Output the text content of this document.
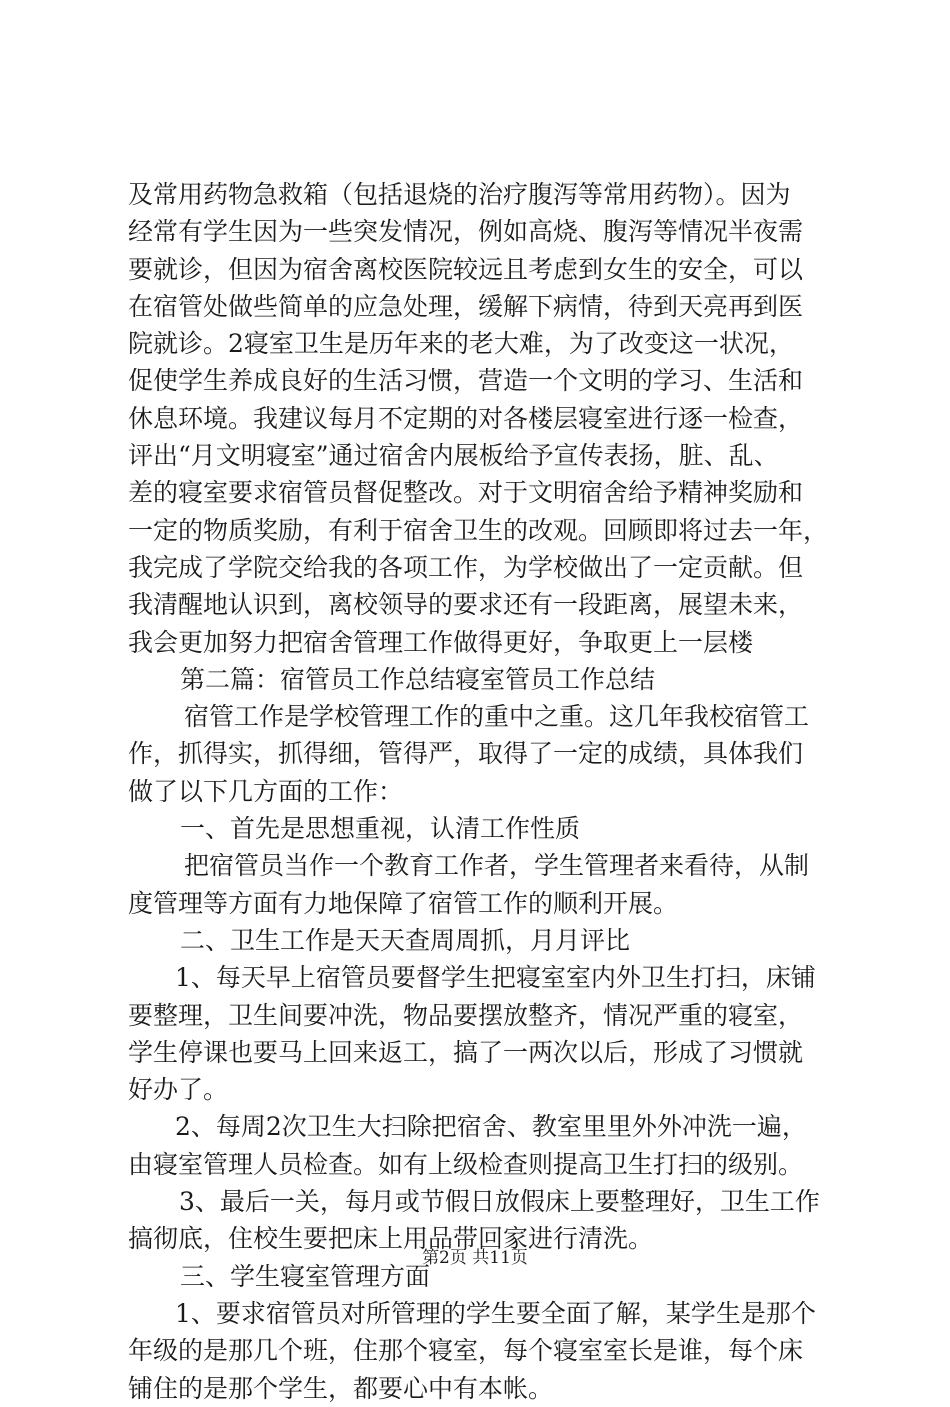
及常用药物急救箱（包括退烧的治疗腹泻等常用药物）。因为
经常有学生因为一些突发情况，例如高烧、腹泻等情况半夜需
要就诊，但因为宿舍离校医院较远且考虑到女生的安全，可以
在宿管处做些简单的应急处理，缓解下病情，待到天亮再到医
院就诊。2寝室卫生是历年来的老大难，为了改变这一状况，
促使学生养成良好的生活习惯，营造一个文明的学习、生活和
休息环境。我建议每月不定期的对各楼层寝室进行逐一检查，
评出“月文明寝室”通过宿舍内展板给予宣传表扬，脏、乱、
差的寝室要求宿管员督促整改。对于文明宿舍给予精神奖励和
一定的物质奖励，有利于宿舍卫生的改观。回顾即将过去一年，
我完成了学院交给我的各项工作，为学校做出了一定贡献。但
我清醒地认识到，离校领导的要求还有一段距离，展望未来，
我会更加努力把宿舍管理工作做得更好，争取更上一层楼
第二篇：宿管员工作总结寝室管员工作总结
宿管工作是学校管理工作的重中之重。这几年我校宿管工
作，抓得实，抓得细，管得严，取得了一定的成绩，具体我们
做了以下几方面的工作：
一、首先是思想重视，认清工作性质
把宿管员当作一个教育工作者，学生管理者来看待，从制
度管理等方面有力地保障了宿管工作的顺利开展。
二、卫生工作是天天查周周抓，月月评比
1、每天早上宿管员要督学生把寝室室内外卫生打扫，床铺
要整理，卫生间要冲洗，物品要摆放整齐，情况严重的寝室，
学生停课也要马上回来返工，搞了一两次以后，形成了习惯就
好办了。
2、每周2次卫生大扫除把宿舍、教室里里外外冲洗一遍，
由寝室管理人员检查。如有上级检查则提高卫生打扫的级别。
3、最后一关，每月或节假日放假床上要整理好，卫生工作
搞彻底，住校生要把床上用品带回家进行清洗。
三、学生寝室管理方面
1、要求宿管员对所管理的学生要全面了解，某学生是那个
年级的是那几个班，住那个寝室，每个寝室室长是谁，每个床
铺住的是那个学生，都要心中有本帐。
第2页 共11页
